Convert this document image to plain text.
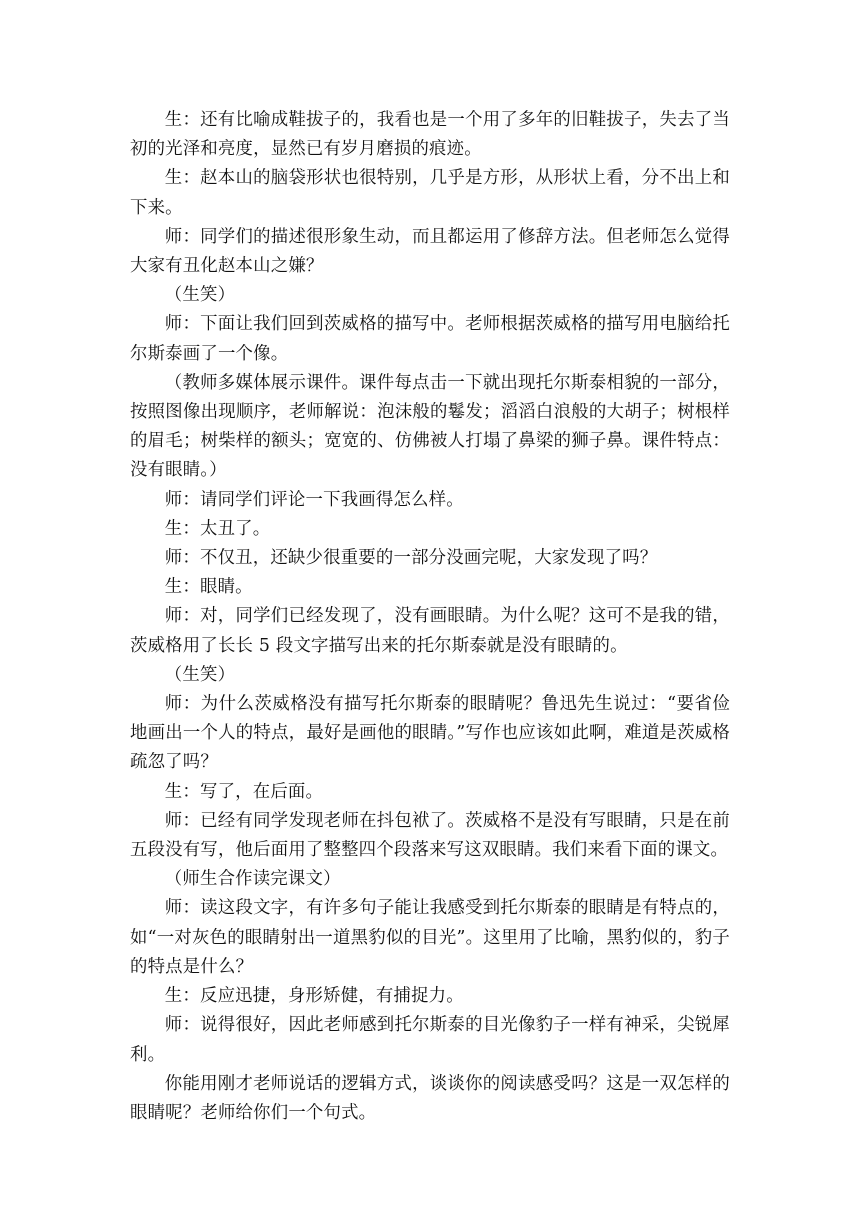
生：还有比喻成鞋拔子的，我看也是一个用了多年的旧鞋拔子，失去了当初的光泽和亮度，显然已有岁月磨损的痕迹。

生：赵本山的脑袋形状也很特别，几乎是方形，从形状上看，分不出上和下来。

师：同学们的描述很形象生动，而且都运用了修辞方法。但老师怎么觉得大家有丑化赵本山之嫌？

（生笑）

师：下面让我们回到茨威格的描写中。老师根据茨威格的描写用电脑给托尔斯泰画了一个像。

（教师多媒体展示课件。课件每点击一下就出现托尔斯泰相貌的一部分，按照图像出现顺序，老师解说：泡沫般的鬈发；滔滔白浪般的大胡子；树根样的眉毛；树柴样的额头；宽宽的、仿佛被人打塌了鼻梁的狮子鼻。课件特点：没有眼睛。）

师：请同学们评论一下我画得怎么样。

生：太丑了。

师：不仅丑，还缺少很重要的一部分没画完呢，大家发现了吗？

生：眼睛。

师：对，同学们已经发现了，没有画眼睛。为什么呢？这可不是我的错，茨威格用了长长 5 段文字描写出来的托尔斯泰就是没有眼睛的。

（生笑）

师：为什么茨威格没有描写托尔斯泰的眼睛呢？鲁迅先生说过：“要省俭地画出一个人的特点，最好是画他的眼睛。”写作也应该如此啊，难道是茨威格疏忽了吗？

生：写了，在后面。

师：已经有同学发现老师在抖包袱了。茨威格不是没有写眼睛，只是在前五段没有写，他后面用了整整四个段落来写这双眼睛。我们来看下面的课文。

（师生合作读完课文）

师：读这段文字，有许多句子能让我感受到托尔斯泰的眼睛是有特点的，如“一对灰色的眼睛射出一道黑豹似的目光”。这里用了比喻，黑豹似的，豹子的特点是什么？

生：反应迅捷，身形矫健，有捕捉力。

师：说得很好，因此老师感到托尔斯泰的目光像豹子一样有神采，尖锐犀利。

你能用刚才老师说话的逻辑方式，谈谈你的阅读感受吗？这是一双怎样的眼睛呢？老师给你们一个句式。
